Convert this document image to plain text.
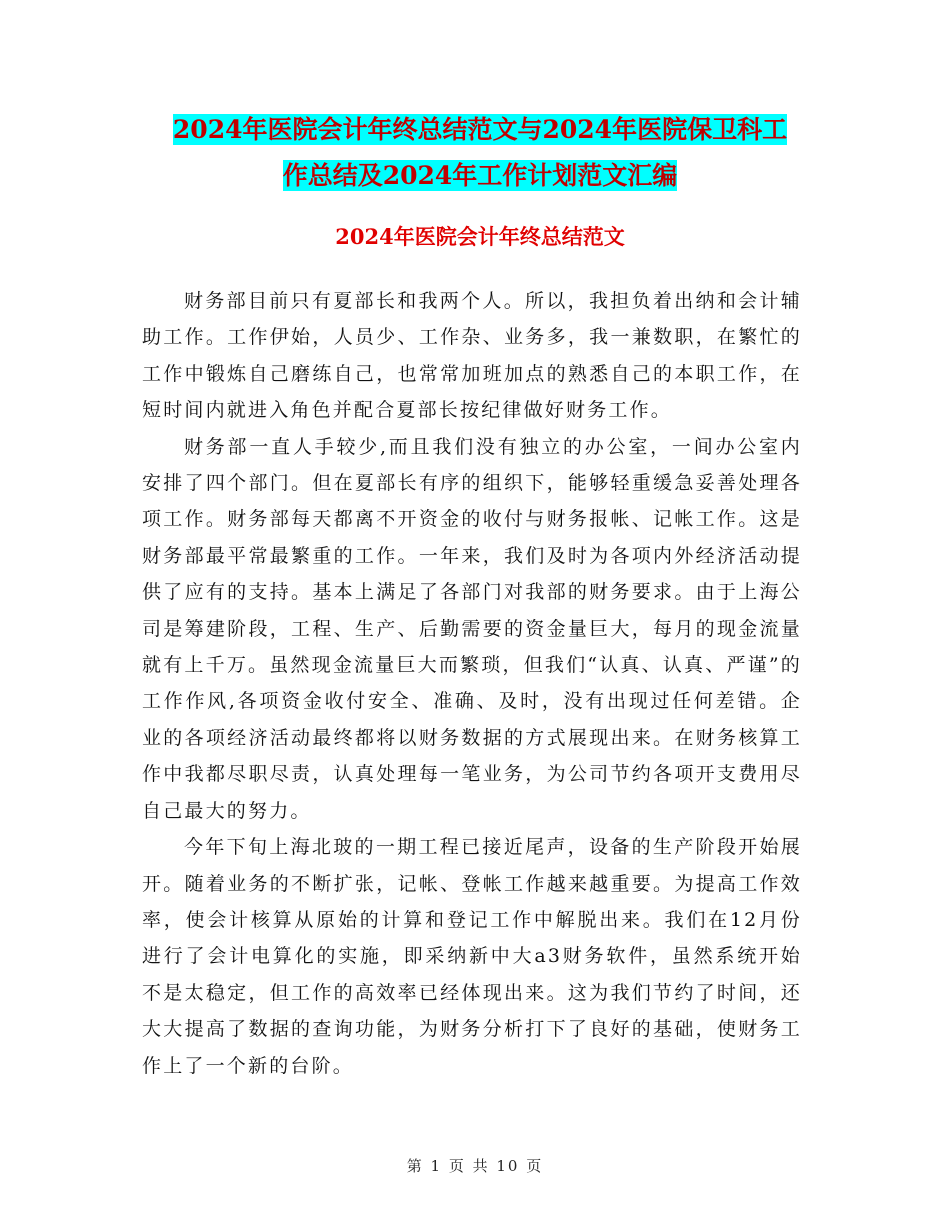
2024年医院会计年终总结范文与2024年医院保卫科工
作总结及2024年工作计划范文汇编
2024年医院会计年终总结范文

财务部目前只有夏部长和我两个人。所以，我担负着出纳和会计辅助工作。工作伊始，人员少、工作杂、业务多，我一兼数职，在繁忙的工作中锻炼自己磨练自己，也常常加班加点的熟悉自己的本职工作，在短时间内就进入角色并配合夏部长按纪律做好财务工作。

财务部一直人手较少,而且我们没有独立的办公室，一间办公室内安排了四个部门。但在夏部长有序的组织下，能够轻重缓急妥善处理各项工作。财务部每天都离不开资金的收付与财务报帐、记帐工作。这是财务部最平常最繁重的工作。一年来，我们及时为各项内外经济活动提供了应有的支持。基本上满足了各部门对我部的财务要求。由于上海公司是筹建阶段，工程、生产、后勤需要的资金量巨大，每月的现金流量就有上千万。虽然现金流量巨大而繁琐，但我们“认真、认真、严谨”的工作作风,各项资金收付安全、准确、及时，没有出现过任何差错。企业的各项经济活动最终都将以财务数据的方式展现出来。在财务核算工作中我都尽职尽责，认真处理每一笔业务，为公司节约各项开支费用尽自己最大的努力。

今年下旬上海北玻的一期工程已接近尾声，设备的生产阶段开始展开。随着业务的不断扩张，记帐、登帐工作越来越重要。为提高工作效率，使会计核算从原始的计算和登记工作中解脱出来。我们在12月份进行了会计电算化的实施，即采纳新中大a3财务软件，虽然系统开始不是太稳定，但工作的高效率已经体现出来。这为我们节约了时间，还大大提高了数据的查询功能，为财务分析打下了良好的基础，使财务工作上了一个新的台阶。

第 1 页 共 10 页
